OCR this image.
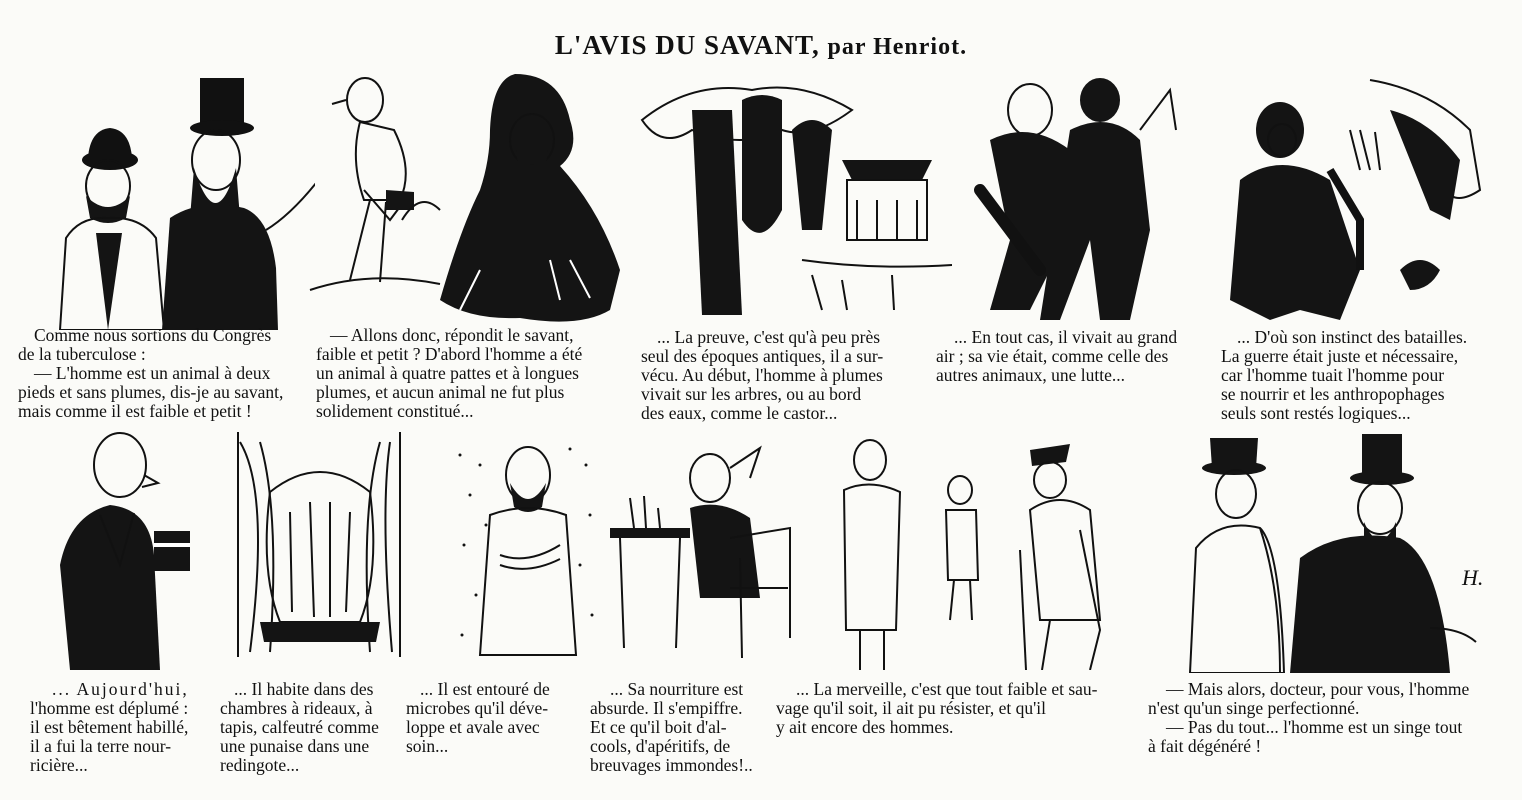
L'AVIS DU SAVANT, par Henriot.
Comme nous sortions du Congrès
de la tuberculose :
— L'homme est un animal à deux
pieds et sans plumes, dis-je au savant,
mais comme il est faible et petit !
— Allons donc, répondit le savant,
faible et petit ? D'abord l'homme a été
un animal à quatre pattes et à longues
plumes, et aucun animal ne fut plus
solidement constitué...
... La preuve, c'est qu'à peu près
seul des époques antiques, il a sur-
vécu. Au début, l'homme à plumes
vivait sur les arbres, ou au bord
des eaux, comme le castor...
... En tout cas, il vivait au grand
air ; sa vie était, comme celle des
autres animaux, une lutte...
... D'où son instinct des batailles.
La guerre était juste et nécessaire,
car l'homme tuait l'homme pour
se nourrir et les anthropophages
seuls sont restés logiques...
H.
... Aujourd'hui,
l'homme est déplumé :
il est bêtement habillé,
il a fui la terre nour-
ricière...
... Il habite dans des
chambres à rideaux, à
tapis, calfeutré comme
une punaise dans une
redingote...
... Il est entouré de
microbes qu'il déve-
loppe et avale avec
soin...
... Sa nourriture est
absurde. Il s'empiffre.
Et ce qu'il boit d'al-
cools, d'apéritifs, de
breuvages immondes!..
... La merveille, c'est que tout faible et sau-
vage qu'il soit, il ait pu résister, et qu'il
y ait encore des hommes.
— Mais alors, docteur, pour vous, l'homme
n'est qu'un singe perfectionné.
— Pas du tout... l'homme est un singe tout
à fait dégénéré !
